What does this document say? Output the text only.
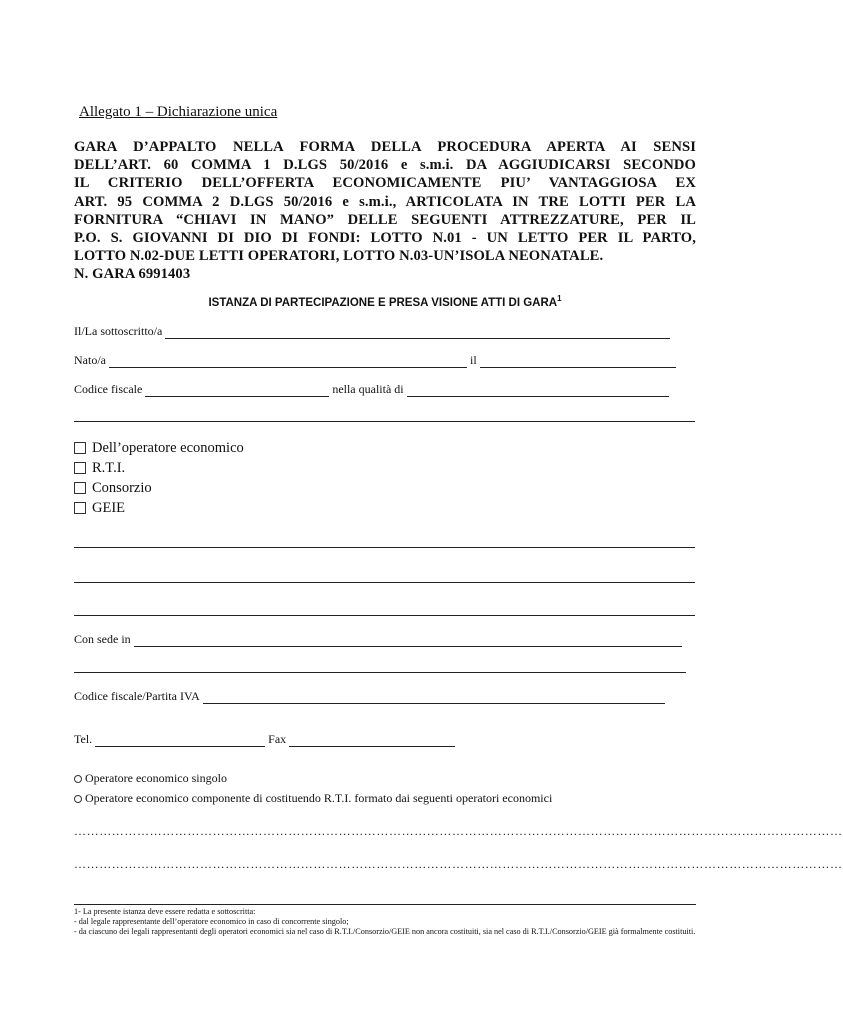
Allegato 1 – Dichiarazione unica
GARA D’APPALTO NELLA FORMA DELLA PROCEDURA APERTA AI SENSI
DELL’ART. 60 COMMA 1 D.LGS 50/2016 e s.m.i. DA AGGIUDICARSI SECONDO
IL CRITERIO DELL’OFFERTA ECONOMICAMENTE PIU’ VANTAGGIOSA EX
ART. 95 COMMA 2 D.LGS 50/2016 e s.m.i., ARTICOLATA IN TRE LOTTI PER LA
FORNITURA “CHIAVI IN MANO” DELLE SEGUENTI ATTREZZATURE, PER IL
P.O. S. GIOVANNI DI DIO DI FONDI: LOTTO N.01 - UN LETTO PER IL PARTO,
LOTTO N.02-DUE LETTI OPERATORI, LOTTO N.03-UN’ISOLA NEONATALE.
N. GARA 6991403
ISTANZA DI PARTECIPAZIONE E PRESA VISIONE ATTI DI GARA$^1$
Il/La sottoscritto/a
Nato/a	il
Codice fiscale	nella qualità di
Dell’operatore economico
R.T.I.
Consorzio
GEIE
Con sede in
Codice fiscale/Partita IVA
Tel.	Fax
Operatore economico singolo
Operatore economico componente di costituendo R.T.I. formato dai seguenti operatori economici
…………………………………………………………………………………………………………………………………………………………………
…………………………………………………………………………………………………………………………………………………………………

1- La presente istanza deve essere redatta e sottoscritta:

- dal legale rappresentante dell’operatore economico in caso di concorrente singolo;

- da ciascuno dei legali rappresentanti degli operatori economici sia nel caso di R.T.I./Consorzio/GEIE non ancora costituiti, sia nel caso di R.T.I./Consorzio/GEIE già formalmente costituiti.
